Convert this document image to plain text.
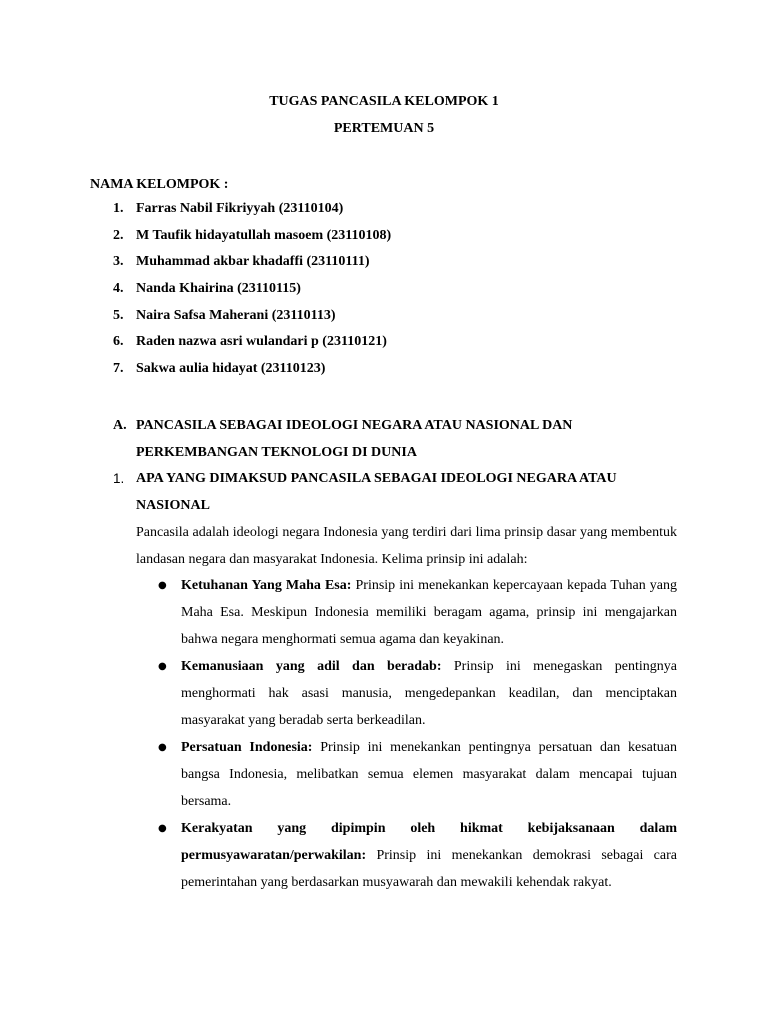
TUGAS PANCASILA KELOMPOK 1
PERTEMUAN 5
NAMA KELOMPOK :
1. Farras Nabil Fikriyyah (23110104)
2. M Taufik hidayatullah masoem (23110108)
3. Muhammad akbar khadaffi (23110111)
4. Nanda Khairina (23110115)
5. Naira Safsa Maherani (23110113)
6. Raden nazwa asri wulandari p (23110121)
7. Sakwa aulia hidayat (23110123)
A. PANCASILA SEBAGAI IDEOLOGI NEGARA ATAU NASIONAL DAN PERKEMBANGAN TEKNOLOGI DI DUNIA
1. APA YANG DIMAKSUD PANCASILA SEBAGAI IDEOLOGI NEGARA ATAU NASIONAL

Pancasila adalah ideologi negara Indonesia yang terdiri dari lima prinsip dasar yang membentuk landasan negara dan masyarakat Indonesia. Kelima prinsip ini adalah:

● Ketuhanan Yang Maha Esa: Prinsip ini menekankan kepercayaan kepada Tuhan yang Maha Esa. Meskipun Indonesia memiliki beragam agama, prinsip ini mengajarkan bahwa negara menghormati semua agama dan keyakinan.
● Kemanusiaan yang adil dan beradab: Prinsip ini menegaskan pentingnya menghormati hak asasi manusia, mengedepankan keadilan, dan menciptakan masyarakat yang beradab serta berkeadilan.
● Persatuan Indonesia: Prinsip ini menekankan pentingnya persatuan dan kesatuan bangsa Indonesia, melibatkan semua elemen masyarakat dalam mencapai tujuan bersama.
● Kerakyatan yang dipimpin oleh hikmat kebijaksanaan dalam permusyawaratan/perwakilan: Prinsip ini menekankan demokrasi sebagai cara pemerintahan yang berdasarkan musyawarah dan mewakili kehendak rakyat.
